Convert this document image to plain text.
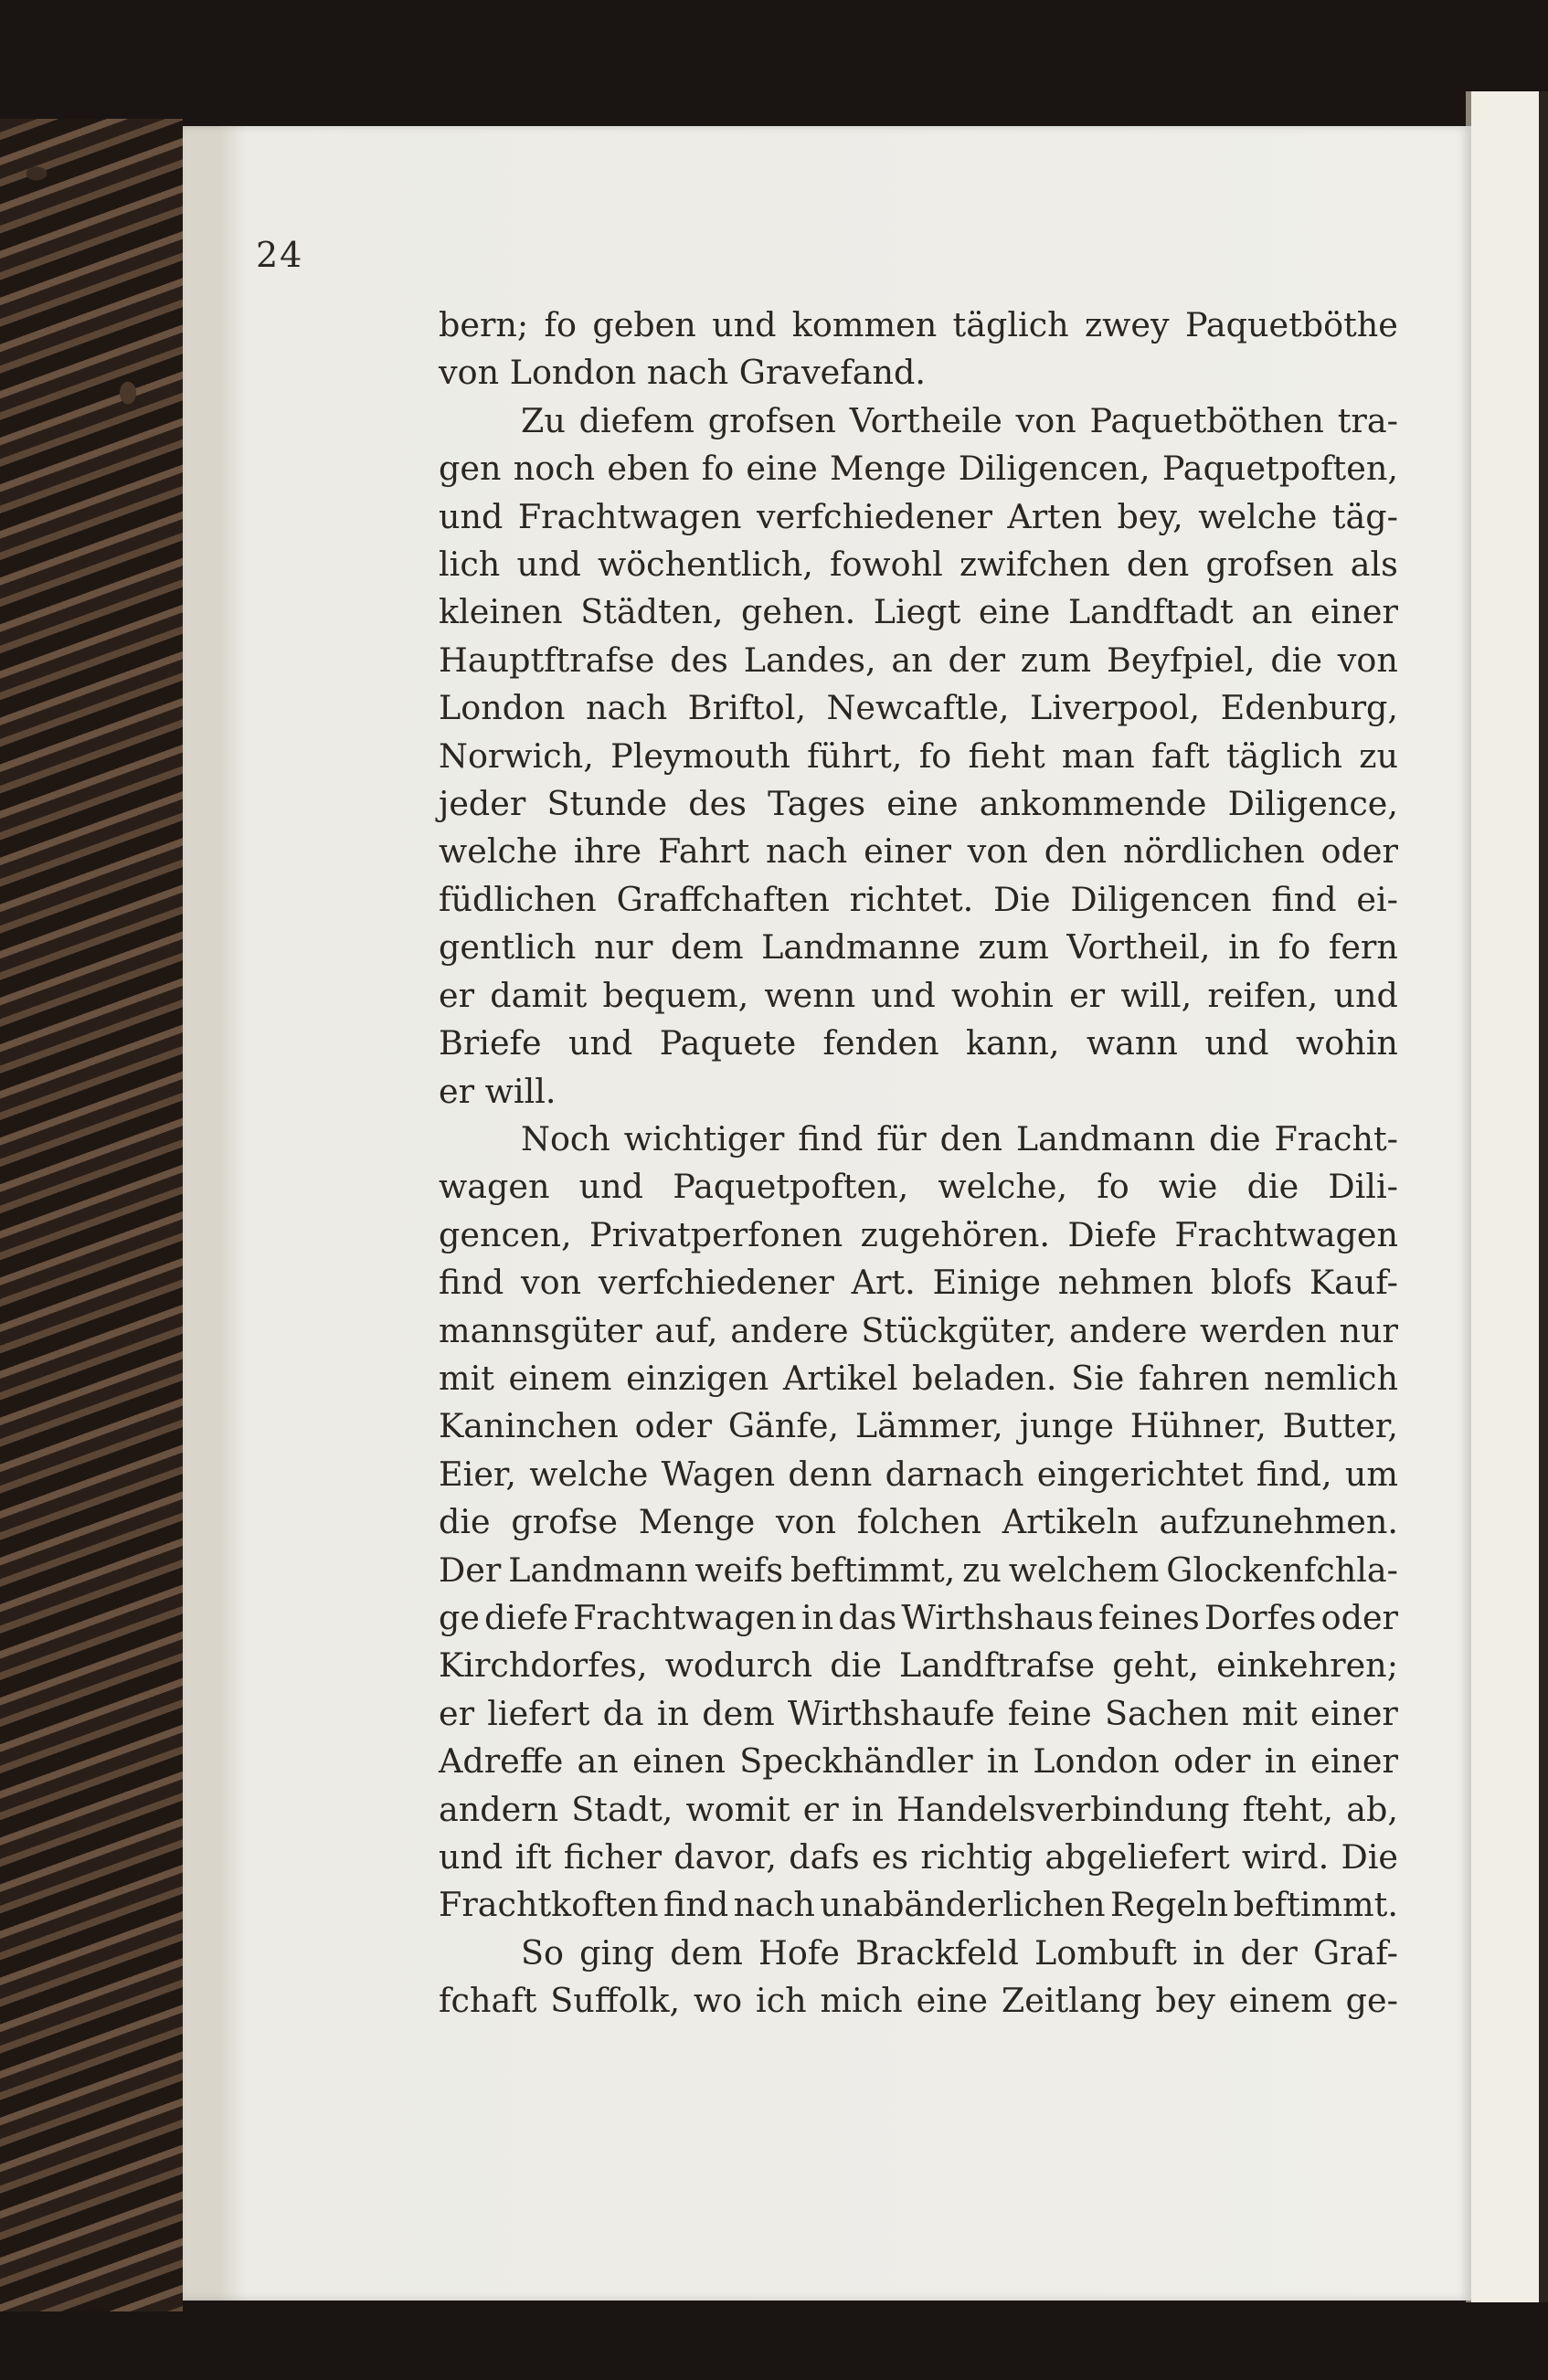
24
bern; fo geben und kommen täglich zwey Paquetböthe
von London nach Gravefand.
Zu diefem grofsen Vortheile von Paquetböthen tra-
gen noch eben fo eine Menge Diligencen, Paquetpoften,
und Frachtwagen verfchiedener Arten bey, welche täg-
lich und wöchentlich, fowohl zwifchen den grofsen als
kleinen Städten, gehen. Liegt eine Landftadt an einer
Hauptftrafse des Landes, an der zum Beyfpiel, die von
London nach Briftol, Newcaftle, Liverpool, Edenburg,
Norwich, Pleymouth führt, fo fieht man faft täglich zu
jeder Stunde des Tages eine ankommende Diligence,
welche ihre Fahrt nach einer von den nördlichen oder
füdlichen Graffchaften richtet. Die Diligencen find ei-
gentlich nur dem Landmanne zum Vortheil, in fo fern
er damit bequem, wenn und wohin er will, reifen, und
Briefe und Paquete fenden kann, wann und wohin
er will.
Noch wichtiger find für den Landmann die Fracht-
wagen und Paquetpoften, welche, fo wie die Dili-
gencen, Privatperfonen zugehören. Diefe Frachtwagen
find von verfchiedener Art. Einige nehmen blofs Kauf-
mannsgüter auf, andere Stückgüter, andere werden nur
mit einem einzigen Artikel beladen. Sie fahren nemlich
Kaninchen oder Gänfe, Lämmer, junge Hühner, Butter,
Eier, welche Wagen denn darnach eingerichtet find, um
die grofse Menge von folchen Artikeln aufzunehmen.
Der Landmann weifs beftimmt, zu welchem Glockenfchla-
ge diefe Frachtwagen in das Wirthshaus feines Dorfes oder
Kirchdorfes, wodurch die Landftrafse geht, einkehren;
er liefert da in dem Wirthshaufe feine Sachen mit einer
Adreffe an einen Speckhändler in London oder in einer
andern Stadt, womit er in Handelsverbindung fteht, ab,
und ift ficher davor, dafs es richtig abgeliefert wird. Die
Frachtkoften find nach unabänderlichen Regeln beftimmt.
So ging dem Hofe Brackfeld Lombuft in der Graf-
fchaft Suffolk, wo ich mich eine Zeitlang bey einem ge-
